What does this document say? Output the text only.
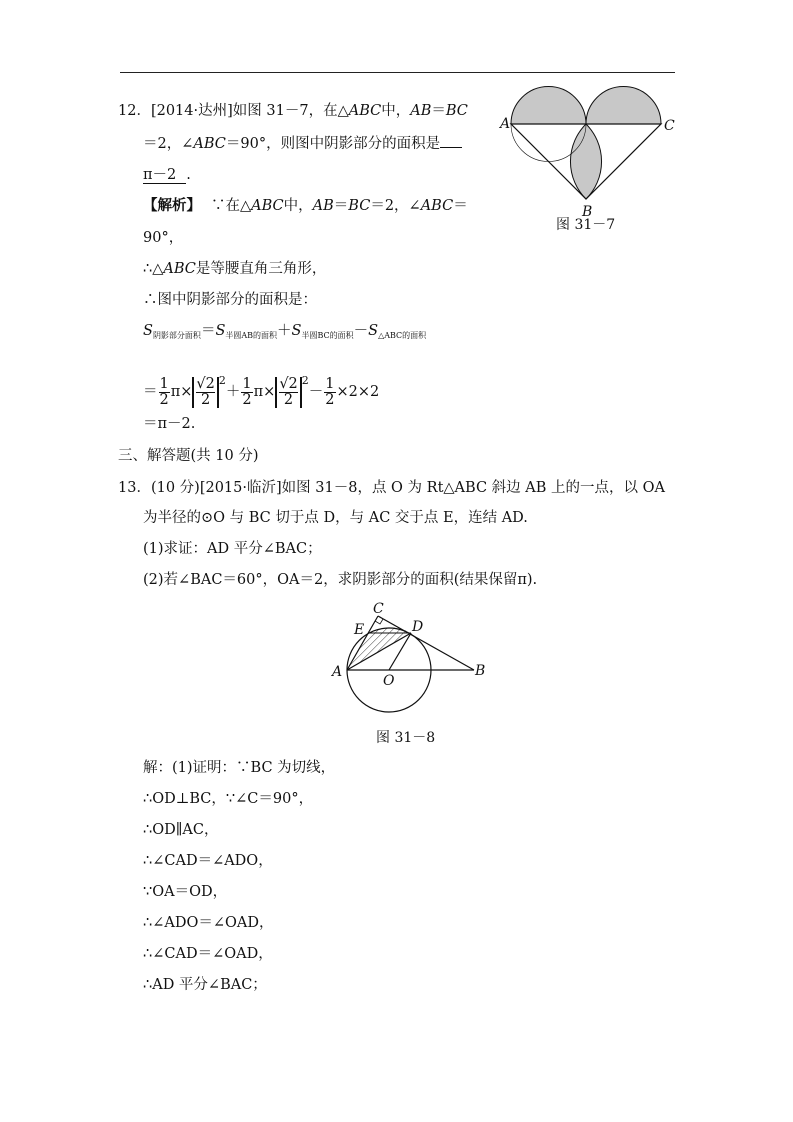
12．[2014·达州]如图 31－7，在△ABC中，AB＝BC
＝2，∠ABC＝90°，则图中阴影部分的面积是
π－2 .
【解析】 ∵在△ABC中，AB＝BC＝2，∠ABC＝
90°，
∴△ABC是等腰直角三角形，
∴图中阴影部分的面积是：
$S_{阴影部分面积}=S_{半圆AB的面积}+S_{半圆BC的面积}-S_{\triangle ABC的面积}$
＝ $\frac{1}{2} \pi\times \frac{√2}{2} ^2+ \frac{1}{2} \pi\times \frac{√2}{2} ^2- \frac{1}{2} \times 2\times 2$
＝π－2.
A	C
B
图 31－7
三、解答题(共 10 分)
13．(10 分)[2015·临沂]如图 31－8，点 O 为 Rt△ABC 斜边 AB 上的一点，以 OA
为半径的⊙O 与 BC 切于点 D，与 AC 交于点 E，连结 AD.
(1)求证：AD 平分∠BAC；
(2)若∠BAC＝60°，OA＝2，求阴影部分的面积(结果保留π).
C
E	D
A
O
B
图 31－8
解：(1)证明：∵BC 为切线，
∴OD⊥BC，∵∠C＝90°，
∴OD∥AC，
∴∠CAD＝∠ADO，
∵OA＝OD，
∴∠ADO＝∠OAD，
∴∠CAD＝∠OAD，
∴AD 平分∠BAC；
